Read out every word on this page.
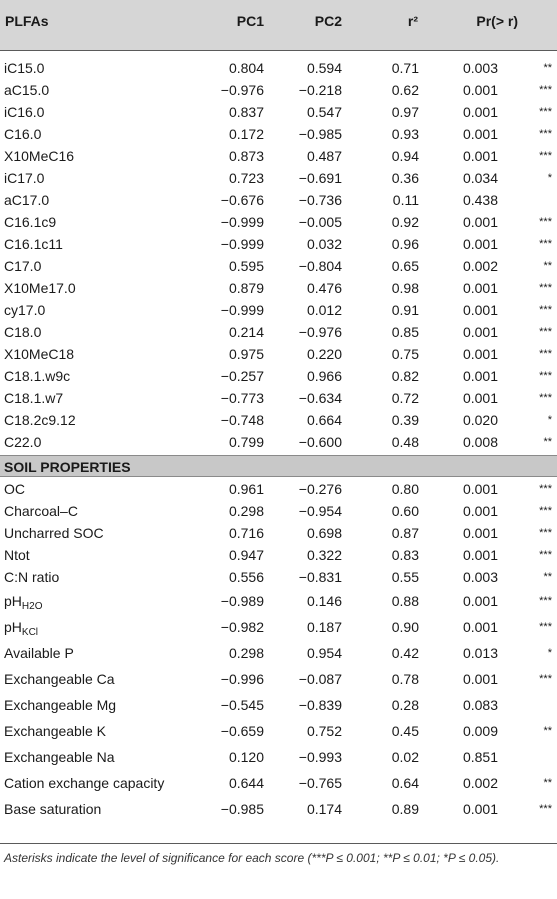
PLFAs	PC1	PC2	r²	Pr(> r)
iC15.0	0.804	0.594	0.71	0.003	**
aC15.0	−0.976	−0.218	0.62	0.001	***
iC16.0	0.837	0.547	0.97	0.001	***
C16.0	0.172	−0.985	0.93	0.001	***
X10MeC16	0.873	0.487	0.94	0.001	***
iC17.0	0.723	−0.691	0.36	0.034	*
aC17.0	−0.676	−0.736	0.11	0.438
C16.1c9	−0.999	−0.005	0.92	0.001	***
C16.1c11	−0.999	0.032	0.96	0.001	***
C17.0	0.595	−0.804	0.65	0.002	**
X10Me17.0	0.879	0.476	0.98	0.001	***
cy17.0	−0.999	0.012	0.91	0.001	***
C18.0	0.214	−0.976	0.85	0.001	***
X10MeC18	0.975	0.220	0.75	0.001	***
C18.1.w9c	−0.257	0.966	0.82	0.001	***
C18.1.w7	−0.773	−0.634	0.72	0.001	***
C18.2c9.12	−0.748	0.664	0.39	0.020	*
C22.0	0.799	−0.600	0.48	0.008	**
SOIL PROPERTIES
OC	0.961	−0.276	0.80	0.001	***
Charcoal–C	0.298	−0.954	0.60	0.001	***
Uncharred SOC	0.716	0.698	0.87	0.001	***
Ntot	0.947	0.322	0.83	0.001	***
C:N ratio	0.556	−0.831	0.55	0.003	**
$pH_{H2O}$	−0.989	0.146	0.88	0.001	***
$pH_{KCl}$	−0.982	0.187	0.90	0.001	***
Available P	0.298	0.954	0.42	0.013	*
Exchangeable Ca	−0.996	−0.087	0.78	0.001	***
Exchangeable Mg	−0.545	−0.839	0.28	0.083
Exchangeable K	−0.659	0.752	0.45	0.009	**
Exchangeable Na	0.120	−0.993	0.02	0.851
Cation exchange capacity	0.644	−0.765	0.64	0.002	**
Base saturation	−0.985	0.174	0.89	0.001	***
Asterisks indicate the level of significance for each score (***P ≤ 0.001; **P ≤ 0.01; *P ≤ 0.05).
